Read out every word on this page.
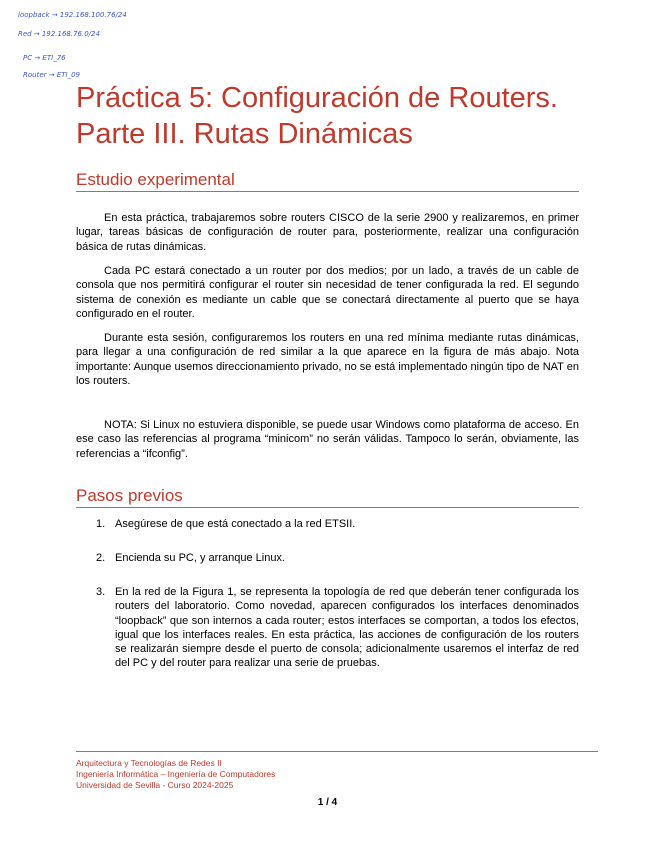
loopback → 192.168.100.76/24
Red → 192.168.76.0/24
PC → ETI_76
Router → ETI_09
Práctica 5: Configuración de Routers.
Parte III. Rutas Dinámicas
Estudio experimental

En esta práctica, trabajaremos sobre routers CISCO de la serie 2900 y realizaremos, en primer lugar, tareas básicas de configuración de router para, posteriormente, realizar una configuración básica de rutas dinámicas.

Cada PC estará conectado a un router por dos medios; por un lado, a través de un cable de consola que nos permitirá configurar el router sin necesidad de tener configurada la red. El segundo sistema de conexión es mediante un cable que se conectará directamente al puerto que se haya configurado en el router.

Durante esta sesión, configuraremos los routers en una red mínima mediante rutas dinámicas, para llegar a una configuración de red similar a la que aparece en la figura de más abajo. Nota importante: Aunque usemos direccionamiento privado, no se está implementado ningún tipo de NAT en los routers.

NOTA: Si Linux no estuviera disponible, se puede usar Windows como plataforma de acceso. En ese caso las referencias al programa “minicom” no serán válidas. Tampoco lo serán, obviamente, las referencias a “ifconfig”.

Pasos previos
1. Asegúrese de que está conectado a la red ETSII.
2. Encienda su PC, y arranque Linux.
3. En la red de la Figura 1, se representa la topología de red que deberán tener configurada los routers del laboratorio. Como novedad, aparecen configurados los interfaces denominados “loopback” que son internos a cada router; estos interfaces se comportan, a todos los efectos, igual que los interfaces reales. En esta práctica, las acciones de configuración de los routers se realizarán siempre desde el puerto de consola; adicionalmente usaremos el interfaz de red del PC y del router para realizar una serie de pruebas.
Arquitectura y Tecnologías de Redes II
Ingeniería Informática – Ingeniería de Computadores
Universidad de Sevilla - Curso 2024-2025
1 / 4
